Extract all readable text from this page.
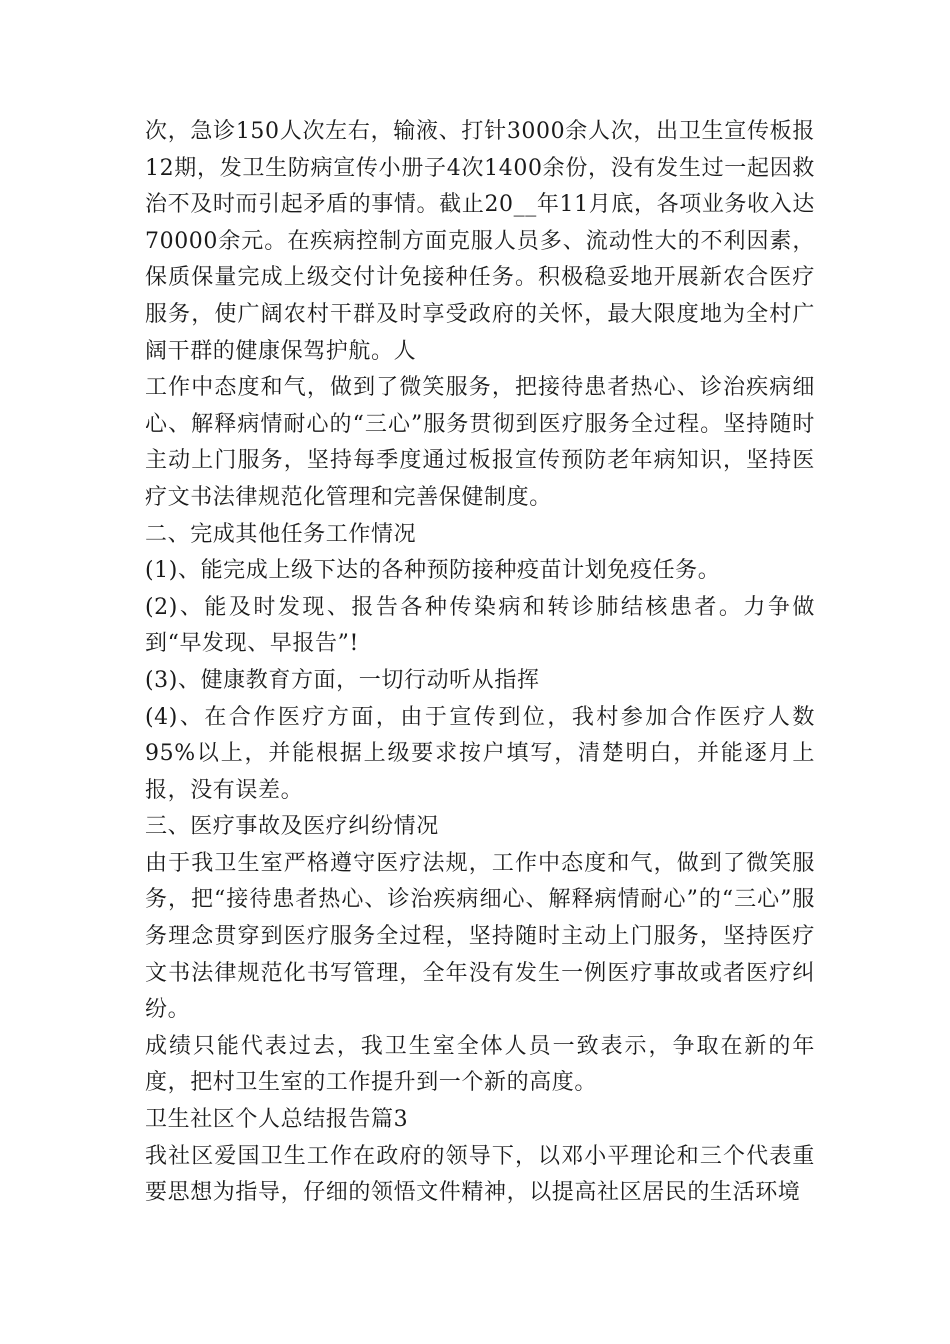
次，急诊150人次左右，输液、打针3000余人次，出卫生宣传板报12期，发卫生防病宣传小册子4次1400余份，没有发生过一起因救治不及时而引起矛盾的事情。截止20__年11月底，各项业务收入达70000余元。在疾病控制方面克服人员多、流动性大的不利因素，保质保量完成上级交付计免接种任务。积极稳妥地开展新农合医疗服务，使广阔农村干群及时享受政府的关怀，最大限度地为全村广阔干群的健康保驾护航。人

工作中态度和气，做到了微笑服务，把接待患者热心、诊治疾病细心、解释病情耐心的“三心”服务贯彻到医疗服务全过程。坚持随时主动上门服务，坚持每季度通过板报宣传预防老年病知识，坚持医疗文书法律规范化管理和完善保健制度。

二、完成其他任务工作情况

(1)、能完成上级下达的各种预防接种疫苗计划免疫任务。

(2)、能及时发现、报告各种传染病和转诊肺结核患者。力争做到“早发现、早报告”!

(3)、健康教育方面，一切行动听从指挥

(4)、在合作医疗方面，由于宣传到位，我村参加合作医疗人数95%以上，并能根据上级要求按户填写，清楚明白，并能逐月上报，没有误差。

三、医疗事故及医疗纠纷情况

由于我卫生室严格遵守医疗法规，工作中态度和气，做到了微笑服务，把“接待患者热心、诊治疾病细心、解释病情耐心”的“三心”服务理念贯穿到医疗服务全过程，坚持随时主动上门服务，坚持医疗文书法律规范化书写管理，全年没有发生一例医疗事故或者医疗纠纷。

成绩只能代表过去，我卫生室全体人员一致表示，争取在新的年度，把村卫生室的工作提升到一个新的高度。

卫生社区个人总结报告篇3

我社区爱国卫生工作在政府的领导下，以邓小平理论和三个代表重要思想为指导，仔细的领悟文件精神，以提高社区居民的生活环境
